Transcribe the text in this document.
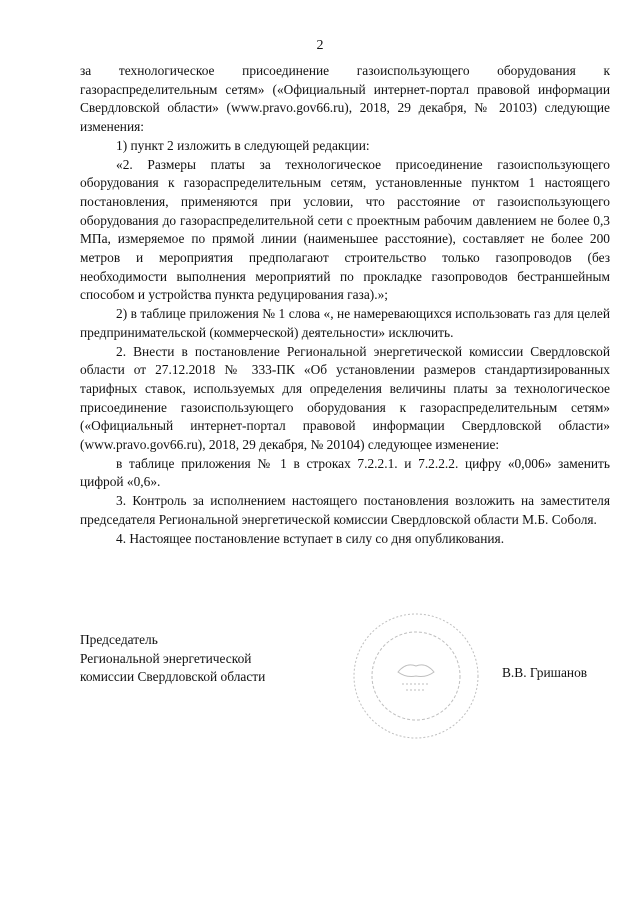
2

за технологическое присоединение газоиспользующего оборудования к газораспределительным сетям» («Официальный интернет-портал правовой информации Свердловской области» (www.pravo.gov66.ru), 2018, 29 декабря, № 20103) следующие изменения:

1) пункт 2 изложить в следующей редакции:

«2. Размеры платы за технологическое присоединение газоиспользующего оборудования к газораспределительным сетям, установленные пунктом 1 настоящего постановления, применяются при условии, что расстояние от газоиспользующего оборудования до газораспределительной сети с проектным рабочим давлением не более 0,3 МПа, измеряемое по прямой линии (наименьшее расстояние), составляет не более 200 метров и мероприятия предполагают строительство только газопроводов (без необходимости выполнения мероприятий по прокладке газопроводов бестраншейным способом и устройства пункта редуцирования газа).»;

2) в таблице приложения № 1 слова «, не намеревающихся использовать газ для целей предпринимательской (коммерческой) деятельности» исключить.

2. Внести в постановление Региональной энергетической комиссии Свердловской области от 27.12.2018 № 333-ПК «Об установлении размеров стандартизированных тарифных ставок, используемых для определения величины платы за технологическое присоединение газоиспользующего оборудования к газораспределительным сетям» («Официальный интернет-портал правовой информации Свердловской области» (www.pravo.gov66.ru), 2018, 29 декабря, № 20104) следующее изменение:

в таблице приложения № 1 в строках 7.2.2.1. и 7.2.2.2. цифру «0,006» заменить цифрой «0,6».

3. Контроль за исполнением настоящего постановления возложить на заместителя председателя Региональной энергетической комиссии Свердловской области М.Б. Соболя.

4. Настоящее постановление вступает в силу со дня опубликования.

Председатель
Региональной энергетической
комиссии Свердловской области	В.В. Гришанов
